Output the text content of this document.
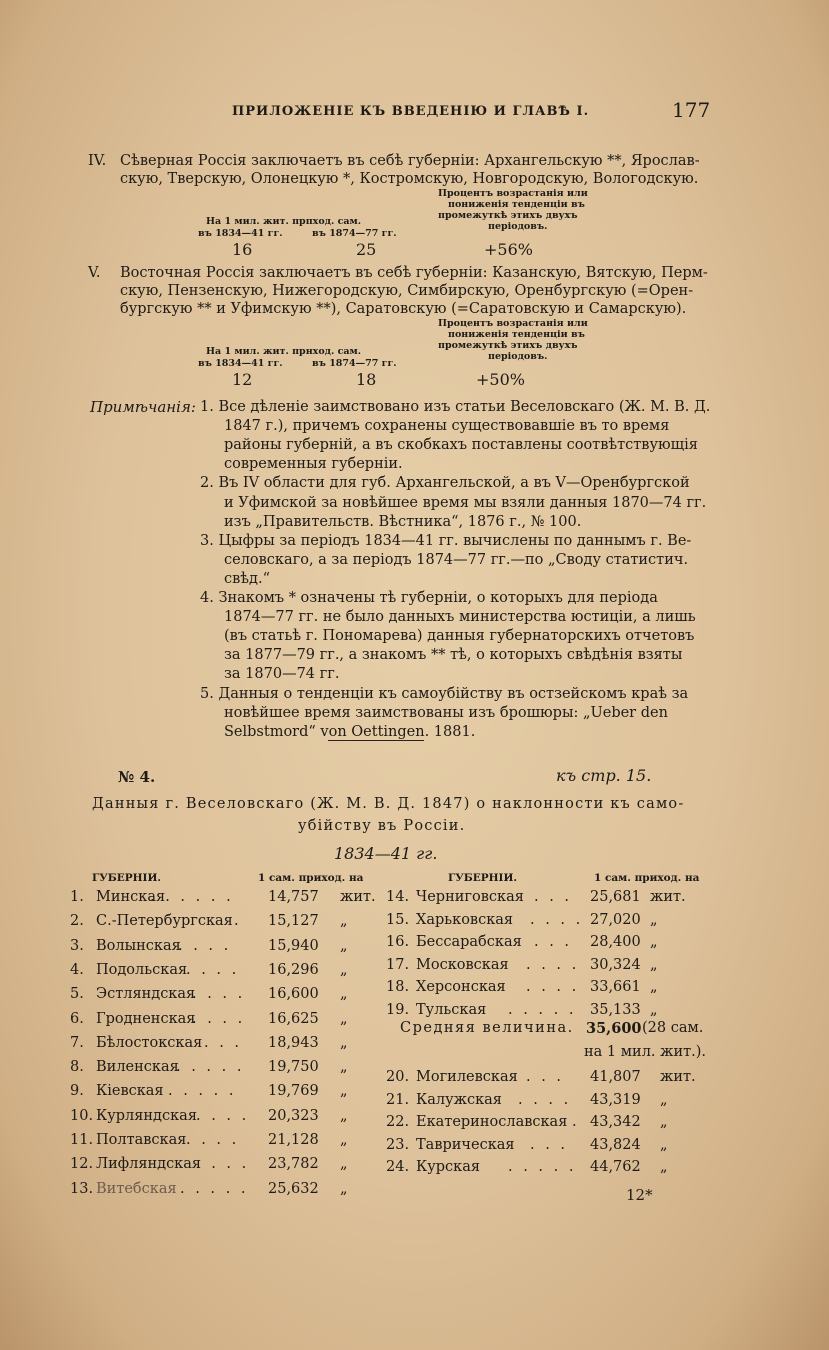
ПРИЛОЖЕНІЕ КЪ ВВЕДЕНІЮ И ГЛАВѢ I.	177
IV. Сѣверная Россія заключаетъ въ себѣ губерніи: Архангельскую **, Ярослав-
скую, Тверскую, Олонецкую *, Костромскую, Новгородскую, Вологодскую.
Процентъ возрастанія или
пониженія тенденціи въ
На 1 мил. жит. прпход. сам.
промежуткѣ этихъ двухъ
въ 1834—41 гг.	въ 1874—77 гг.
періодовъ.
16	25	+56%
V. Восточная Россія заключаетъ въ себѣ губерніи: Казанскую, Вятскую, Перм-
скую, Пензенскую, Нижегородскую, Симбирскую, Оренбургскую (=Орен-
бургскую ** и Уфимскую **), Саратовскую (=Саратовскую и Самарскую).
Процентъ возрастанія или
пониженія тенденціи въ
На 1 мил. жит. прнход. сам.
промежуткѣ этихъ двухъ
въ 1834—41 гг.	въ 1874—77 гг.
періодовъ.
12	18	+50%
Примѣчанія: 1. Все дѣленіе заимствовано изъ статьи Веселовскаго (Ж. М. В. Д.
1847 г.), причемъ сохранены существовавшіе въ то время
районы губерній, а въ скобкахъ поставлены соотвѣтствующія
современныя губерніи.
2. Въ IV области для губ. Архангельской, а въ V—Оренбургской
и Уфимской за новѣйшее время мы взяли данныя 1870—74 гг.
изъ „Правительств. Вѣстника“, 1876 г., № 100.
3. Цыфры за періодъ 1834—41 гг. вычислены по даннымъ г. Ве-
селовскаго, а за періодъ 1874—77 гг.—по „Своду статистич.
свѣд.“
4. Знакомъ * означены тѣ губерніи, о которыхъ для періода
1874—77 гг. не было данныхъ министерства юстиціи, а лишь
(въ статьѣ г. Пономарева) данныя губернаторскихъ отчетовъ
за 1877—79 гг., а знакомъ ** тѣ, о которыхъ свѣдѣнія взяты
за 1870—74 гг.
5. Данныя о тенденціи къ самоубійству въ остзейскомъ краѣ за
новѣйшее время заимствованы изъ брошюры: „Ueber den
Selbstmord“ von Oettingen. 1881.
№ 4.	къ стр. 15.
Данныя г. Веселовскаго (Ж. М. В. Д. 1847) о наклонности къ само-
убійству въ Россіи.
1834—41 гг.
ГУБЕРНІИ.	1 сам. приход. на	ГУБЕРНІИ.	1 сам. приход. на
1. Минская
. . . . . . 14,757 жит.
2. С.-Петербургская . 15,127 „
3. Волынская
. . . .	15,940 „
4. Подольская
. . . . 16,296 „
5. Эстляндская
. . . . 16,600 „
6. Гродненская
. . . . 16,625 „
7. Бѣлостокская . . . 18,943 „
8. Виленская
. . . . . 19,750 „
9. Кіевская . . . . . 19,769 „
10. Курляндская . . . . 20,323 „
11. Полтавская . . . . 21,128 „
12. Лифляндская
. . . . 23,782 „
13. Витебская . . . . . 25,632 „
14. Черниговская . . . 25,681 жит.
15. Харьковская . . . . 27,020 „
16. Бессарабская . . . 28,400 „
17. Московская . . . . 30,324 „
18. Херсонская . . . . 33,661 „
19. Тульская . . . . . 35,133 „
Средняя величина. 35,600 (28 сам.
на 1 мил. жит.).
20. Могилевская . . . 41,807 жит.
21. Калужская . . . . 43,319 „
22. Екатеринославская . 43,342 „
23. Таврическая . . . 43,824 „
24. Курская . . . . . 44,762 „
12*
